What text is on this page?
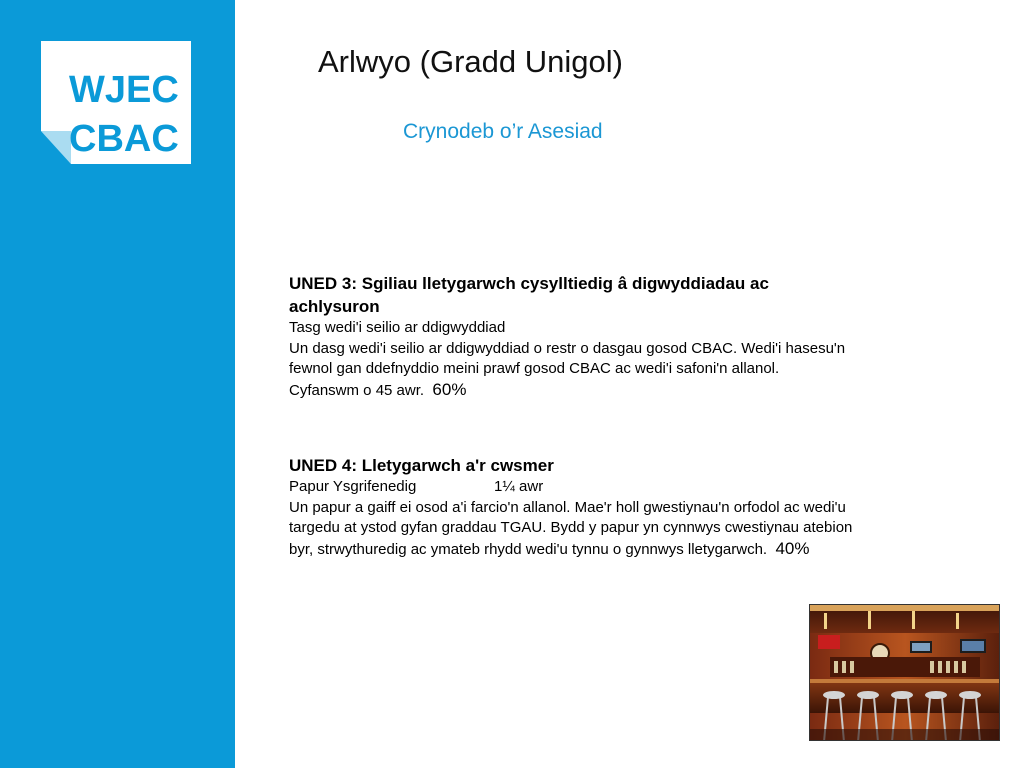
WJEC
CBAC
Arlwyo (Gradd Unigol)
Crynodeb o’r Asesiad
UNED 3: Sgiliau lletygarwch cysylltiedig â digwyddiadau ac
achlysuron
Tasg wedi'i seilio ar ddigwyddiad
Un dasg wedi'i seilio ar ddigwyddiad o restr o dasgau gosod CBAC. Wedi'i hasesu'n
fewnol gan ddefnyddio meini prawf gosod CBAC ac wedi'i safoni'n allanol.
Cyfanswm o 45 awr. 60%
UNED 4: Lletygarwch a'r cwsmer
Papur Ysgrifenedig	1¼ awr
Un papur a gaiff ei osod a'i farcio'n allanol. Mae'r holl gwestiynau'n orfodol ac wedi'u
targedu at ystod gyfan graddau TGAU. Bydd y papur yn cynnwys cwestiynau atebion
byr, strwythuredig ac ymateb rhydd wedi'u tynnu o gynnwys lletygarwch. 40%
